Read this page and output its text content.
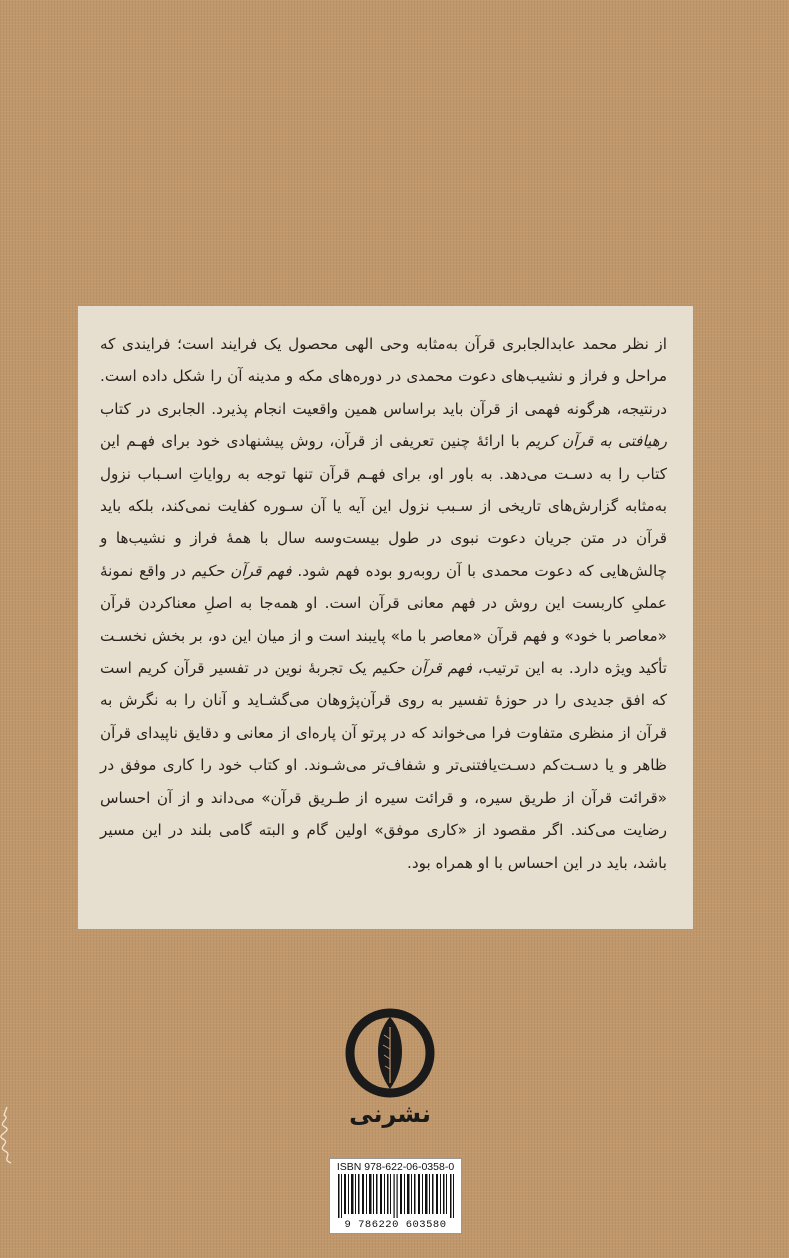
از نظر محمد عابدالجابری قرآن به‌مثابه وحی الهی محصول یک فرایند است؛ فرایندی که مراحل و فراز و نشیب‌های دعوت محمدی در دوره‌های مکه و مدینه آن را شکل داده است. درنتیجه، هرگونه فهمی از قرآن باید براساس همین واقعیت انجام پذیرد. الجابری در کتاب رهیافتی به قرآن کریم با ارائهٔ چنین تعریفی از قرآن، روش پیشنهادی خود برای فهـم این کتاب را به دسـت می‌دهد. به باور او، برای فهـم قرآن تنها توجه به روایاتِ اسـباب نزول به‌مثابه گزارش‌های تاریخی از سـبب نزول این آیه یا آن سـوره کفایت نمی‌کند، بلکه باید قرآن در متن جریان دعوت نبوی در طول بیست‌وسه سال با همهٔ فراز و نشیب‌ها و چالش‌هایی که دعوت محمدی با آن روبه‌رو بوده فهم شود. فهم قرآن حکیم در واقع نمونهٔ عملیِ کاربست این روش در فهم معانی قرآن است. او همه‌جا به اصلِ معناکردن قرآن «معاصر با خود» و فهم قرآن «معاصر با ما» پایبند است و از میان این دو، بر بخش نخسـت تأکید ویژه دارد. به این ترتیب، فهم قرآن حکیم یک تجربهٔ نوین در تفسیر قرآن کریم است که افق جدیدی را در حوزهٔ تفسیر به روی قرآن‌پژوهان می‌گشـاید و آنان را به نگرش به قرآن از منظری متفاوت فرا می‌خواند که در پرتو آن پاره‌ای از معانی و دقایق ناپیدای قرآن ظاهر و یا دسـت‌کم دسـت‌یافتنی‌تر و شفاف‌تر می‌شـوند. او کتاب خود را کاری موفق در «قرائت قرآن از طریق سیره، و قرائت سیره از طـریق قرآن» می‌داند و از آن احساس رضایت می‌کند. اگر مقصود از «کاری موفق» اولین گام و البته گامی بلند در این مسیر باشد، باید در این احساس با او همراه بود.

نشرنی
ISBN 978-622-06-0358-0
9 786220 603580
